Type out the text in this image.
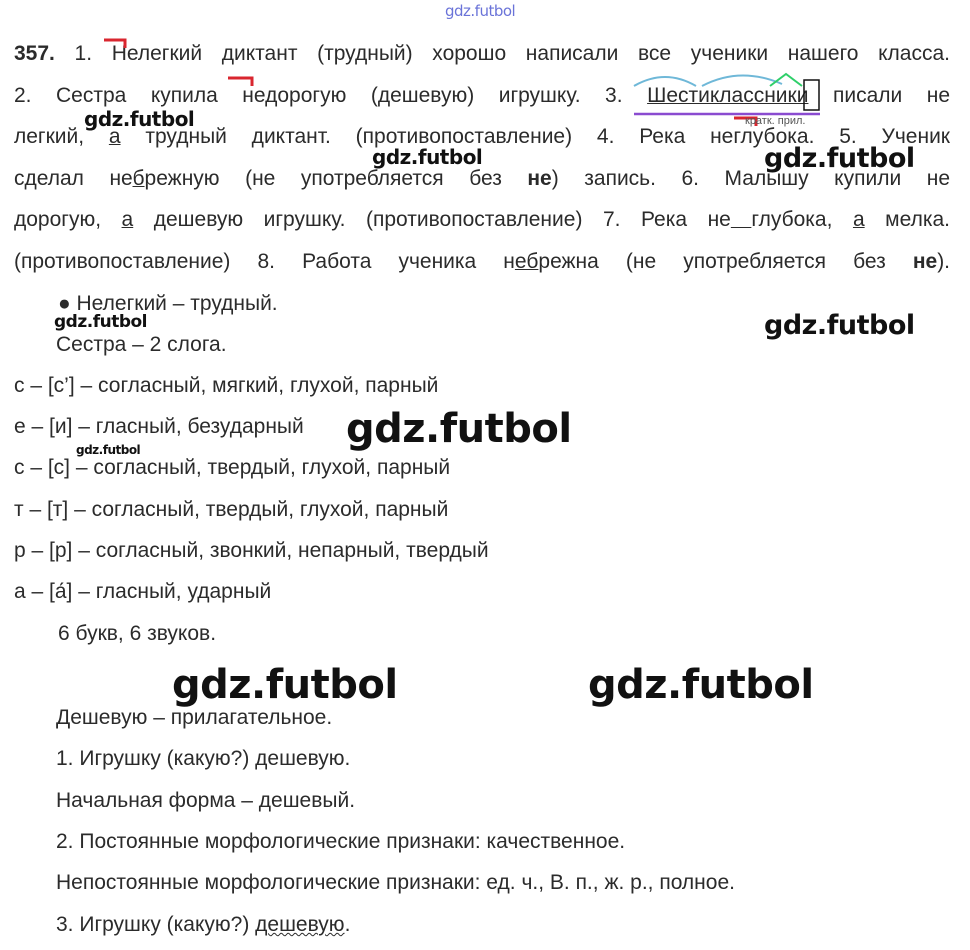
gdz.futbol
357. 1. Нелегкий диктант (трудный) хорошо написали все ученики нашего класса.
2. Сестра купила недорогую (дешевую) игрушку. 3. Шестиклассники писали не
легкий, а трудный диктант. (противопоставление) 4. Река неглубока. 5. Ученик
сделал небрежную (не употребляется без не) запись. 6. Малышу купили не
дорогую, а дешевую игрушку. (противопоставление) 7. Река не глубока, а мелка.
(противопоставление) 8. Работа ученика небрежна (не употребляется без не).
кратк. прил.
● Нелегкий – трудный.
Сестра – 2 слога.
с – [с’] – согласный, мягкий, глухой, парный
е – [и] – гласный, безударный
с – [с] – согласный, твердый, глухой, парный
т – [т] – согласный, твердый, глухой, парный
р – [р] – согласный, звонкий, непарный, твердый
а – [а́] – гласный, ударный
6 букв, 6 звуков.
Дешевую – прилагательное.
1. Игрушку (какую?) дешевую.
Начальная форма – дешевый.
2. Постоянные морфологические признаки: качественное.
Непостоянные морфологические признаки: ед. ч., В. п., ж. р., полное.
3. Игрушку (какую?) дешевую.
gdz.futbol
gdz.futbol	gdz.futbol
gdz.futbol	gdz.futbol
gdz.futbol
gdz.futbol
gdz.futbol	gdz.futbol
